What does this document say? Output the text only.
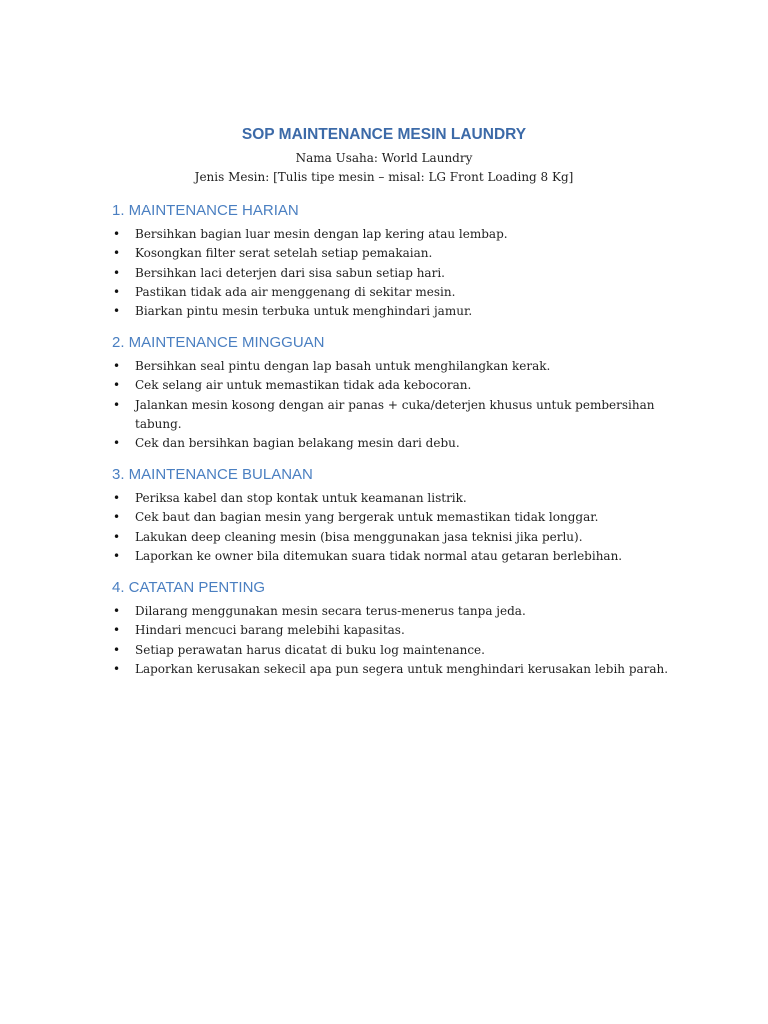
SOP MAINTENANCE MESIN LAUNDRY

Nama Usaha: World Laundry

Jenis Mesin: [Tulis tipe mesin – misal: LG Front Loading 8 Kg]

1. MAINTENANCE HARIAN
• Bersihkan bagian luar mesin dengan lap kering atau lembap.
• Kosongkan filter serat setelah setiap pemakaian.
• Bersihkan laci deterjen dari sisa sabun setiap hari.
• Pastikan tidak ada air menggenang di sekitar mesin.
• Biarkan pintu mesin terbuka untuk menghindari jamur.
2. MAINTENANCE MINGGUAN
• Bersihkan seal pintu dengan lap basah untuk menghilangkan kerak.
• Cek selang air untuk memastikan tidak ada kebocoran.
• Jalankan mesin kosong dengan air panas + cuka/deterjen khusus untuk pembersihan tabung.
• Cek dan bersihkan bagian belakang mesin dari debu.
3. MAINTENANCE BULANAN
• Periksa kabel dan stop kontak untuk keamanan listrik.
• Cek baut dan bagian mesin yang bergerak untuk memastikan tidak longgar.
• Lakukan deep cleaning mesin (bisa menggunakan jasa teknisi jika perlu).
• Laporkan ke owner bila ditemukan suara tidak normal atau getaran berlebihan.
4. CATATAN PENTING
• Dilarang menggunakan mesin secara terus-menerus tanpa jeda.
• Hindari mencuci barang melebihi kapasitas.
• Setiap perawatan harus dicatat di buku log maintenance.
• Laporkan kerusakan sekecil apa pun segera untuk menghindari kerusakan lebih parah.
